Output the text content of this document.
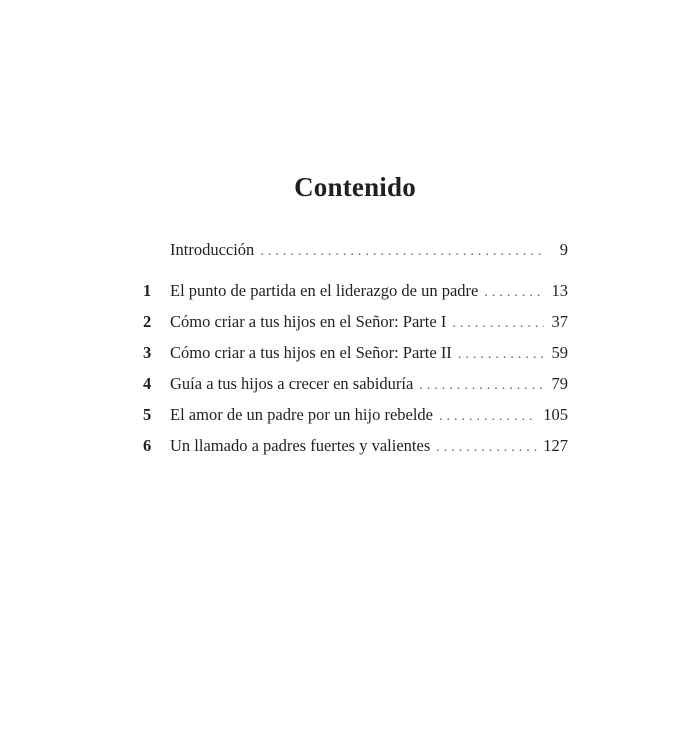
Contenido
Introducción . . .	9
1	El punto de partida en el liderazgo de un padre . . .	13
2	Cómo criar a tus hijos en el Señor: Parte I . . .	37
3	Cómo criar a tus hijos en el Señor: Parte II . . .	59
4	Guía a tus hijos a crecer en sabiduría . . .	79
5	El amor de un padre por un hijo rebelde . . .	105
6	Un llamado a padres fuertes y valientes . . .	127
